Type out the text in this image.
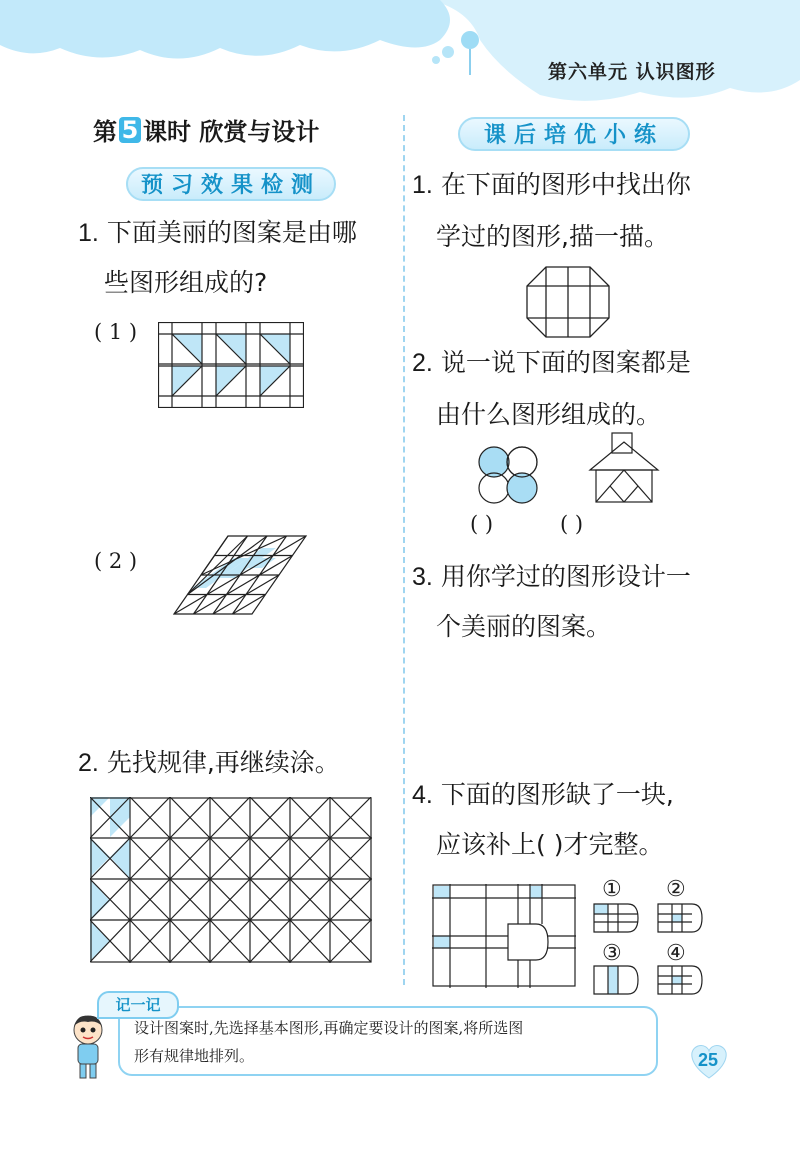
第六单元 认识图形
第 5 课时 欣赏与设计
预习效果检测
1. 下面美丽的图案是由哪
些图形组成的?
( 1 )
( 2 )
2. 先找规律,再继续涂。
课后培优小练
1. 在下面的图形中找出你
学过的图形,描一描。
2. 说一说下面的图案都是
由什么图形组成的。
( )	( )
3. 用你学过的图形设计一
个美丽的图案。
4. 下面的图形缺了一块,
应该补上( )才完整。
① ②
③ ④
设计图案时,先选择基本图形,再确定要设计的图案,将所选图
形有规律地排列。
记一记
25
